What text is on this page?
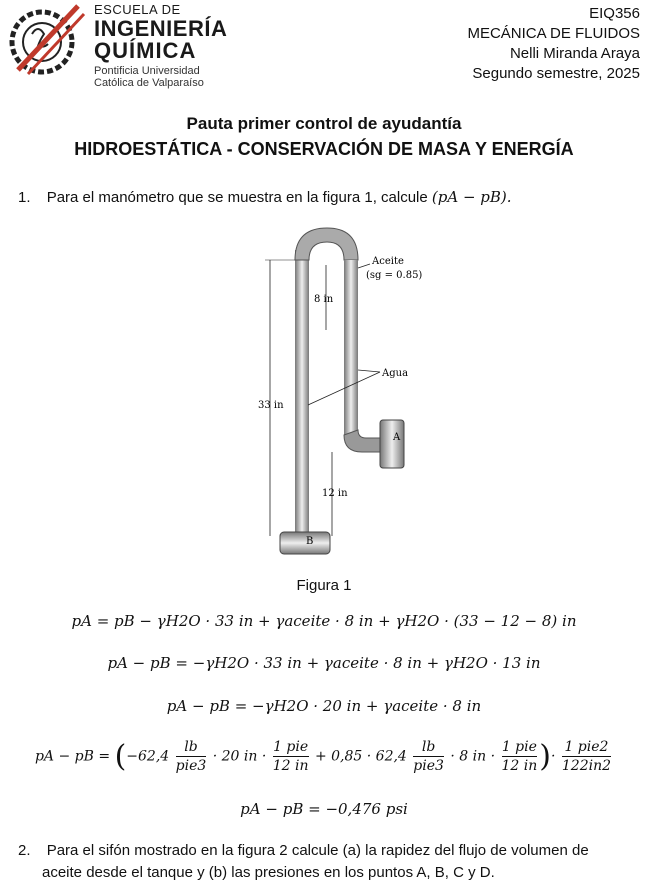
ESCUELA DE
INGENIERÍA
QUÍMICA
Pontificia Universidad
Católica de Valparaíso
EIQ356
MECÁNICA DE FLUIDOS
Nelli Miranda Araya
Segundo semestre, 2025
Pauta primer control de ayudantía
HIDROESTÁTICA - CONSERVACIÓN DE MASA Y ENERGÍA
1. Para el manómetro que se muestra en la figura 1, calcule (pA − pB).
A
B
33 in
8 in
12 in
Aceite
(sg = 0.85)
Agua
Figura 1
pA = pB − γH2O · 33 in + γaceite · 8 in + γH2O · (33 − 12 − 8) in
pA − pB = −γH2O · 33 in + γaceite · 8 in + γH2O · 13 in
pA − pB = −γH2O · 20 in + γaceite · 8 in
pA − pB = ($-62,4 \frac{lb}{\text{pie3}} \cdot 20$ in · $\frac{\text{1 pie}}{12 in} + 0,85 \cdot 62,4 \frac{lb}{\text{pie3}} \cdot 8$ in · $\frac{\text{1 pie}}{12 in}$ )· $\frac{\text{1 pie2}}{122in2}$
pA − pB = −0,476 psi
2. Para el sifón mostrado en la figura 2 calcule (a) la rapidez del flujo de volumen de
aceite desde el tanque y (b) las presiones en los puntos A, B, C y D.
